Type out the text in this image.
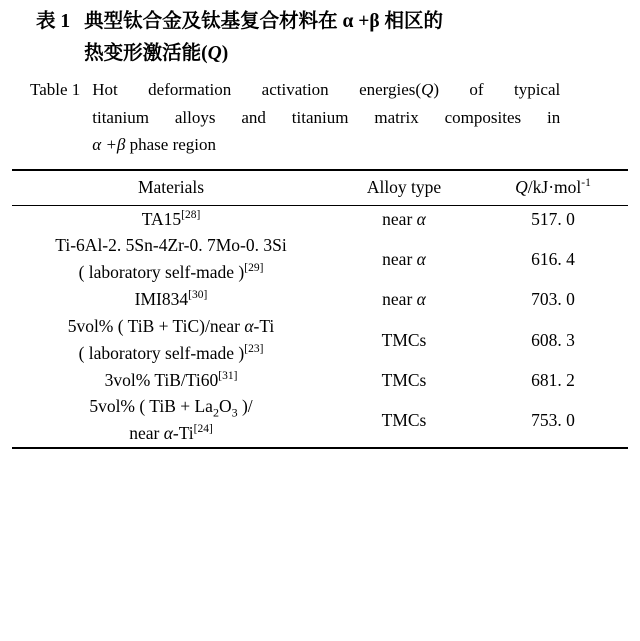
表 1 典型钛合金及钛基复合材料在 α +β 相区的
热变形激活能(Q)
Table 1 Hot deformation activation energies(Q) of typical
titanium alloys and titanium matrix composites in
α +β phase region
Materials	Alloy type	Q/kJ·mol$^{-1}$
TA15[28]	near α	517. 0

Ti-6Al-2. 5Sn-4Zr-0. 7Mo-0. 3Si
( laboratory self-made )[29]	near α	616. 4
IMI834[30]	near α	703. 0

5vol% ( TiB + TiC)/near α-Ti
( laboratory self-made )[23]	TMCs	608. 3
3vol% TiB/Ti60[31]	TMCs	681. 2

5vol% ( TiB + $La_2O_3$ )/
near α-Ti[24]	TMCs	753. 0
